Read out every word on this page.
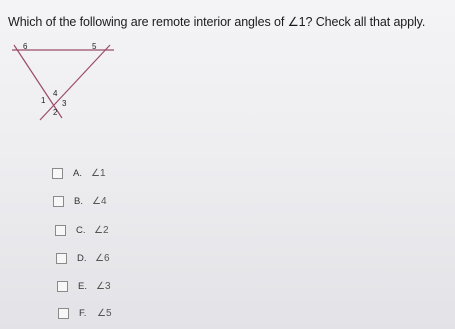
Which of the following are remote interior angles of ∠1? Check all that apply.
6	5
4
1 3
2
A. ∠1
B. ∠4
C. ∠2
D. ∠6
E. ∠3
F.	∠5
